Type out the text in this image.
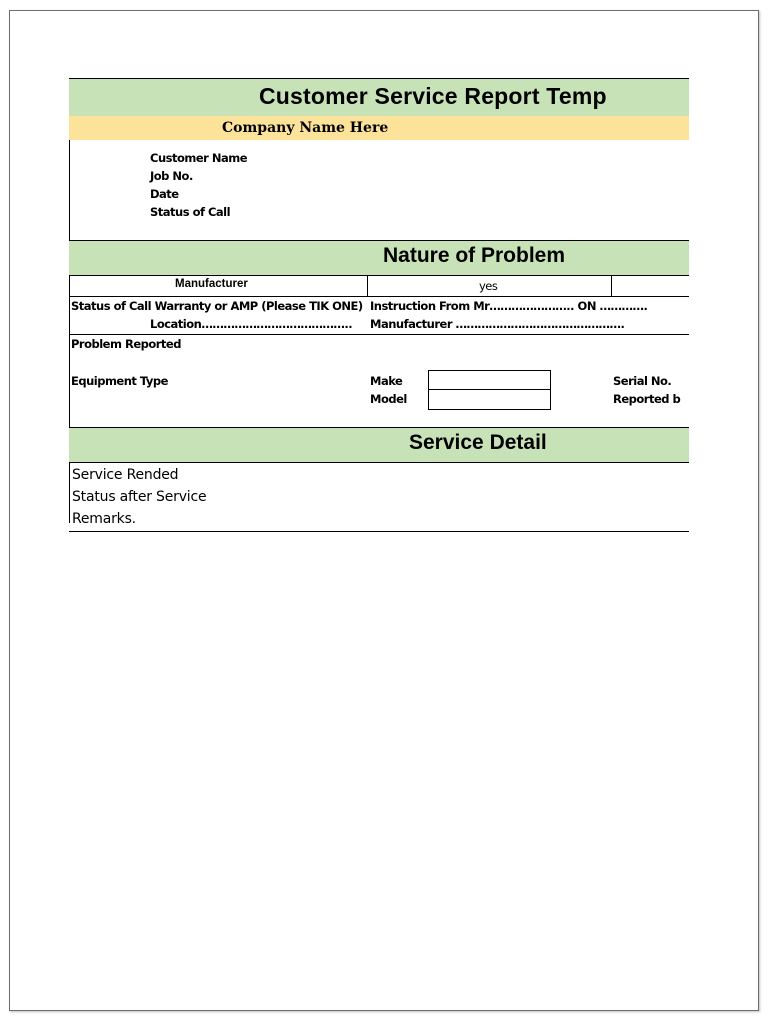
Customer Service Report Temp
Company Name Here
Customer Name
Job No.
Date
Status of Call
Nature of Problem
Manufacturer	yes
Status of Call Warranty or AMP (Please TIK ONE)
Location…………………………………..
Instruction From Mr………………….. ON ………….
Manufacturer ……………………………………….
Problem Reported
Equipment Type	Make
Model
Serial No.
Reported b
Service Detail
Service Rended
Status after Service
Remarks.
